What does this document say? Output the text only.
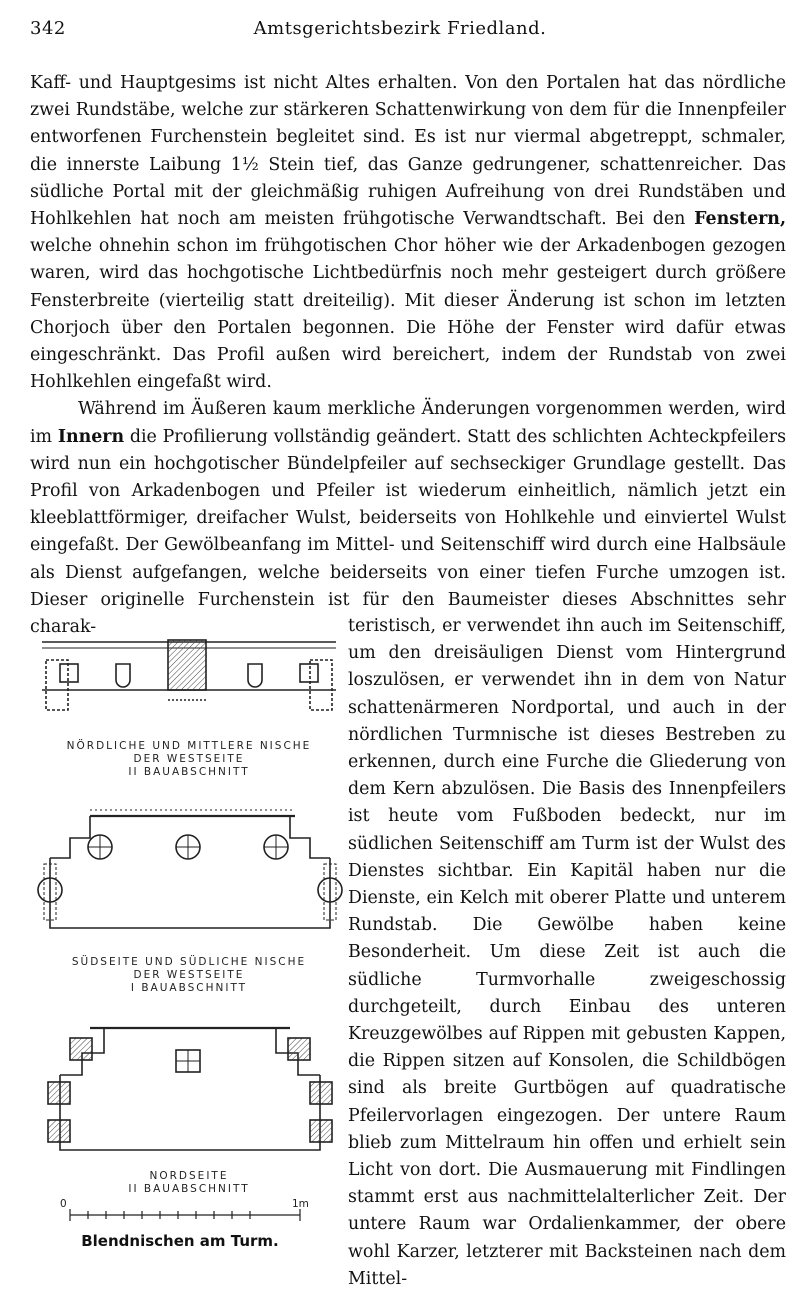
342	Amtsgerichtsbezirk Friedland.

Kaff- und Hauptgesims ist nicht Altes erhalten. Von den Portalen hat das nördliche zwei Rundstäbe, welche zur stärkeren Schattenwirkung von dem für die Innenpfeiler entworfenen Furchenstein begleitet sind. Es ist nur viermal abgetreppt, schmaler, die innerste Laibung 1½ Stein tief, das Ganze gedrungener, schattenreicher. Das südliche Portal mit der gleichmäßig ruhigen Aufreihung von drei Rundstäben und Hohlkehlen hat noch am meisten frühgotische Verwandtschaft. Bei den Fenstern, welche ohnehin schon im frühgotischen Chor höher wie der Arkadenbogen gezogen waren, wird das hochgotische Lichtbedürfnis noch mehr gesteigert durch größere Fensterbreite (vierteilig statt dreiteilig). Mit dieser Änderung ist schon im letzten Chorjoch über den Portalen begonnen. Die Höhe der Fenster wird dafür etwas eingeschränkt. Das Profil außen wird bereichert, indem der Rundstab von zwei Hohlkehlen eingefaßt wird.

Während im Äußeren kaum merkliche Änderungen vorgenommen werden, wird im Innern die Profilierung vollständig geändert. Statt des schlichten Achteckpfeilers wird nun ein hochgotischer Bündelpfeiler auf sechseckiger Grundlage gestellt. Das Profil von Arkadenbogen und Pfeiler ist wiederum einheitlich, nämlich jetzt ein kleeblattförmiger, dreifacher Wulst, beiderseits von Hohlkehle und einviertel Wulst eingefaßt. Der Gewölbeanfang im Mittel- und Seitenschiff wird durch eine Halbsäule als Dienst aufgefangen, welche beiderseits von einer tiefen Furche umzogen ist. Dieser originelle Furchenstein ist für den Baumeister dieses Abschnittes sehr charak-	teristisch, er verwendet ihn auch im Seitenschiff, um den dreisäuligen Dienst vom Hintergrund loszulösen, er verwendet ihn in dem von Natur schattenärmeren Nordportal, und auch in der nördlichen Turmnische ist dieses Bestreben zu erkennen, durch eine Furche die Gliederung von dem Kern abzulösen. Die Basis des Innenpfeilers ist heute vom Fußboden bedeckt, nur im südlichen Seitenschiff am Turm ist der Wulst des Dienstes sichtbar. Ein Kapitäl haben nur die Dienste, ein Kelch mit oberer Platte und unterem Rundstab. Die Gewölbe haben keine Besonderheit. Um diese Zeit ist auch die südliche Turmvorhalle zweigeschossig durchgeteilt, durch Einbau des unteren Kreuzgewölbes auf Rippen mit gebusten Kappen, die Rippen sitzen auf Konsolen, die Schildbögen sind als breite Gurtbögen auf quadratische Pfeilervorlagen eingezogen. Der untere Raum blieb zum Mittelraum hin offen und erhielt sein Licht von dort. Die Ausmauerung mit Findlingen stammt erst aus nachmittelalterlicher Zeit. Der untere Raum war Ordalienkammer, der obere wohl Karzer, letzterer mit Backsteinen nach dem Mittel-

NÖRDLICHE UND MITTLERE NISCHE
DER WESTSEITE
II BAUABSCHNITT
SÜDSEITE UND SÜDLICHE NISCHE
DER WESTSEITE
I BAUABSCHNITT
NORDSEITE
II BAUABSCHNITT
0	1m
Blendnischen am Turm.
